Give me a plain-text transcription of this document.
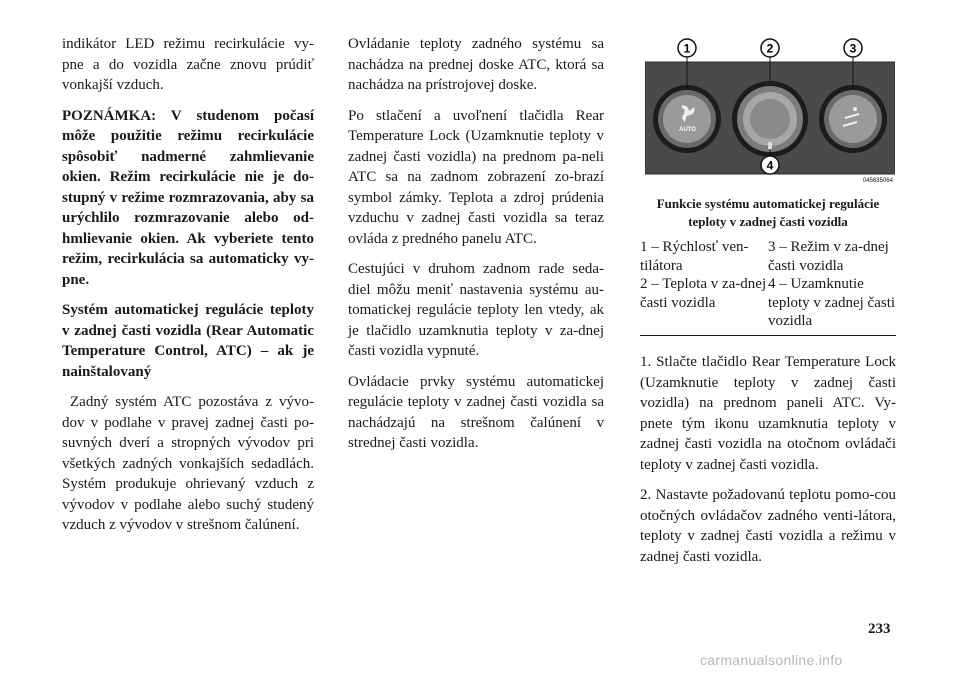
indikátor LED režimu recirkulácie vy-pne a do vozidla začne znovu prúdiť vonkajší vzduch.

POZNÁMKA: V studenom počasí môže použitie režimu recirkulácie spôsobiť nadmerné zahmlievanie okien. Režim recirkulácie nie je do-stupný v režime rozmrazovania, aby sa urýchlilo rozmrazovanie alebo od-hmlievanie okien. Ak vyberiete tento režim, recirkulácia sa automaticky vy-pne.

Systém automatickej regulácie teploty v zadnej časti vozidla (Rear Automatic Temperature Control, ATC) – ak je nainštalovaný

Zadný systém ATC pozostáva z vývo-dov v podlahe v pravej zadnej časti po-suvných dverí a stropných vývodov pri všetkých zadných vonkajších sedadlách. Systém produkuje ohrievaný vzduch z vývodov v podlahe alebo suchý studený vzduch z vývodov v strešnom čalúnení.

Ovládanie teploty zadného systému sa nachádza na prednej doske ATC, ktorá sa nachádza na prístrojovej doske.

Po stlačení a uvoľnení tlačidla Rear Temperature Lock (Uzamknutie teploty v zadnej časti vozidla) na prednom pa-neli ATC sa na zadnom zobrazení zo-brazí symbol zámky. Teplota a zdroj prúdenia vzduchu v zadnej časti vozidla sa teraz ovláda z predného panelu ATC.

Cestujúci v druhom zadnom rade seda-diel môžu meniť nastavenia systému au-tomatickej regulácie teploty len vtedy, ak je tlačidlo uzamknutia teploty v za-dnej časti vozidla vypnuté.

Ovládacie prvky systému automatickej regulácie teploty v zadnej časti vozidla sa nachádzajú na strešnom čalúnení v strednej časti vozidla.

AUTO
1	2	3
4
045635064
Funkcie systému automatickej regulácie teploty v zadnej časti vozidla
1 – Rýchlosť ven-tilátora	3 – Režim v za-dnej časti vozidla
2 – Teplota v za-dnej časti vozidla	4 – Uzamknutie teploty v zadnej časti vozidla

1. Stlačte tlačidlo Rear Temperature Lock (Uzamknutie teploty v zadnej časti vozidla) na prednom paneli ATC. Vy-pnete tým ikonu uzamknutia teploty v zadnej časti vozidla na otočnom ovládači teploty v zadnej časti vozidla.

2. Nastavte požadovanú teplotu pomo-cou otočných ovládačov zadného venti-látora, teploty v zadnej časti vozidla a režimu v zadnej časti vozidla.

233
carmanualsonline.info
